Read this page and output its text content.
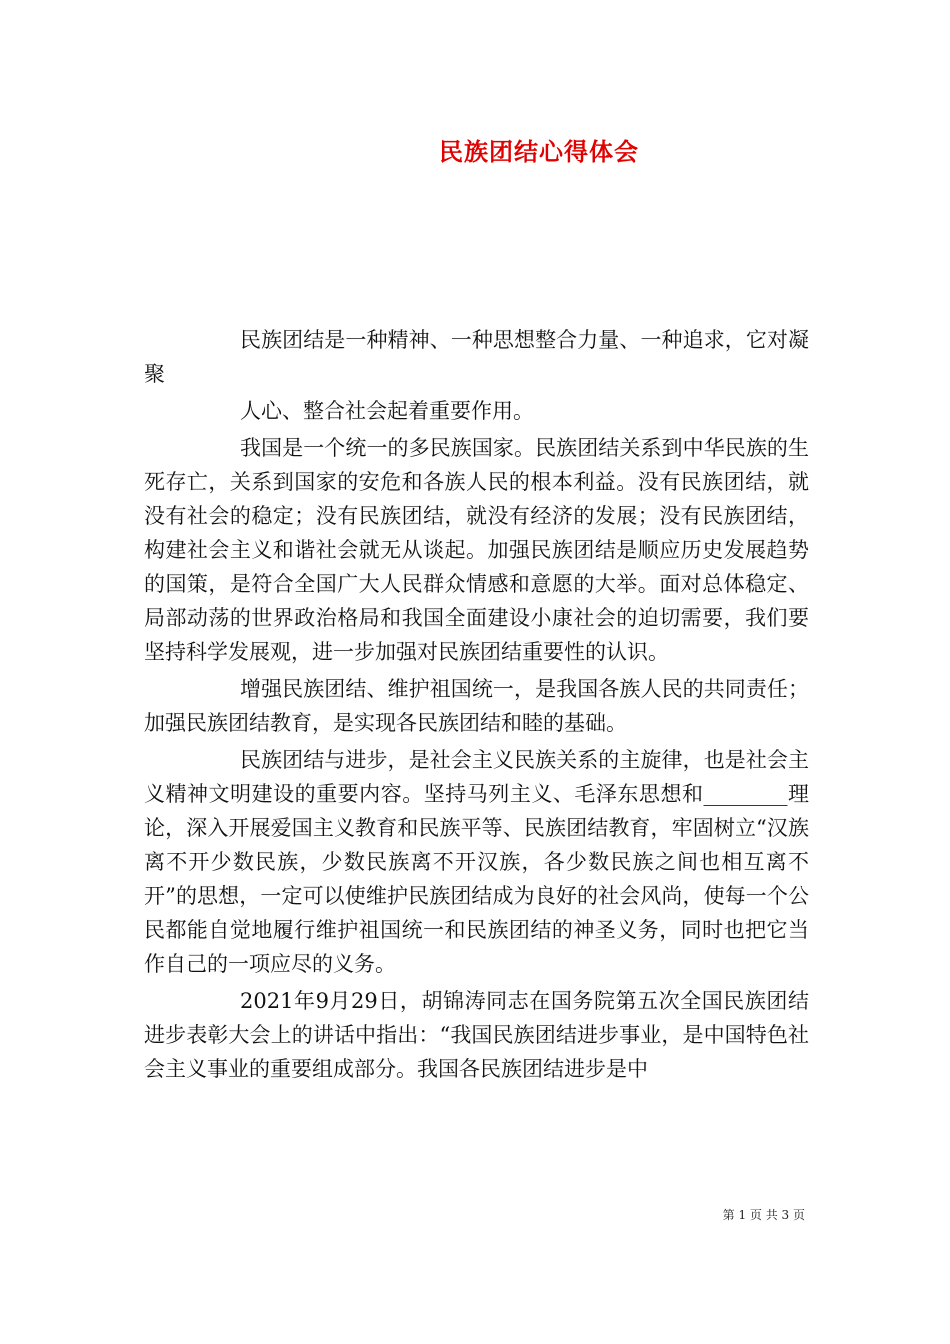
民族团结心得体会

民族团结是一种精神、一种思想整合力量、一种追求，它对凝聚

人心、整合社会起着重要作用。

我国是一个统一的多民族国家。民族团结关系到中华民族的生死存亡，关系到国家的安危和各族人民的根本利益。没有民族团结，就没有社会的稳定；没有民族团结，就没有经济的发展；没有民族团结，构建社会主义和谐社会就无从谈起。加强民族团结是顺应历史发展趋势的国策，是符合全国广大人民群众情感和意愿的大举。面对总体稳定、局部动荡的世界政治格局和我国全面建设小康社会的迫切需要，我们要坚持科学发展观，进一步加强对民族团结重要性的认识。

增强民族团结、维护祖国统一，是我国各族人民的共同责任；加强民族团结教育，是实现各民族团结和睦的基础。

民族团结与进步，是社会主义民族关系的主旋律，也是社会主义精神文明建设的重要内容。坚持马列主义、毛泽东思想和________理论，深入开展爱国主义教育和民族平等、民族团结教育，牢固树立“汉族离不开少数民族，少数民族离不开汉族，各少数民族之间也相互离不开”的思想，一定可以使维护民族团结成为良好的社会风尚，使每一个公民都能自觉地履行维护祖国统一和民族团结的神圣义务，同时也把它当作自己的一项应尽的义务。

2021年9月29日，胡锦涛同志在国务院第五次全国民族团结进步表彰大会上的讲话中指出：“我国民族团结进步事业，是中国特色社会主义事业的重要组成部分。我国各民族团结进步是中

第 1 页 共 3 页
